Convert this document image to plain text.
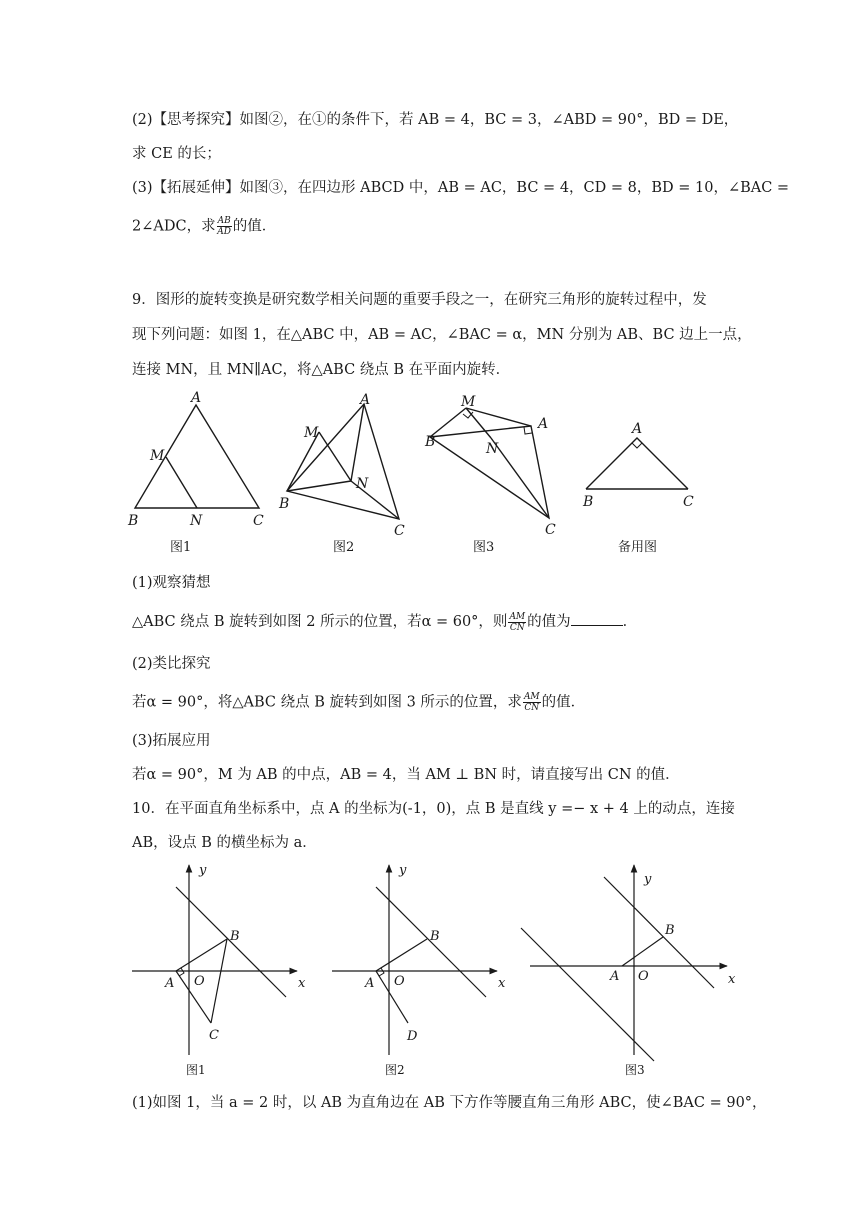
(2)【思考探究】如图②，在①的条件下，若 AB = 4，BC = 3，∠ABD = 90°，BD = DE，
求 CE 的长；
(3)【拓展延伸】如图③，在四边形 ABCD 中，AB = AC，BC = 4，CD = 8，BD = 10，∠BAC =
2∠ADC，求 $\frac{AB}{AD}$ 的值．
9．图形的旋转变换是研究数学相关问题的重要手段之一，在研究三角形的旋转过程中，发
现下列问题：如图 1，在△ABC 中，AB = AC，∠BAC = α，MN 分别为 AB、BC 边上一点，
连接 MN，且 MN∥AC，将△ABC 绕点 B 在平面内旋转．
A
M
B	N	C
A
M
N
B
C
M
A
B	N
C
A
B	C
图1	图2	图3	备用图
(1)观察猜想
△ABC 绕点 B 旋转到如图 2 所示的位置，若α = 60°，则 $\frac{AM}{CN}$ 的值为	．
(2)类比探究
若α = 90°，将△ABC 绕点 B 旋转到如图 3 所示的位置，求 $\frac{AM}{CN}$ 的值．
(3)拓展应用
若α = 90°，M 为 AB 的中点，AB = 4，当 AM ⊥ BN 时，请直接写出 CN 的值．
10．在平面直角坐标系中，点 A 的坐标为(-1，0)，点 B 是直线 y =− x + 4 上的动点，连接
AB，设点 B 的横坐标为 a．
y
x
O
A
B
C
y
x
O
A
B
D
y
x
O
A
B
图1	图2	图3
(1)如图 1，当 a = 2 时，以 AB 为直角边在 AB 下方作等腰直角三角形 ABC，使∠BAC = 90°，
